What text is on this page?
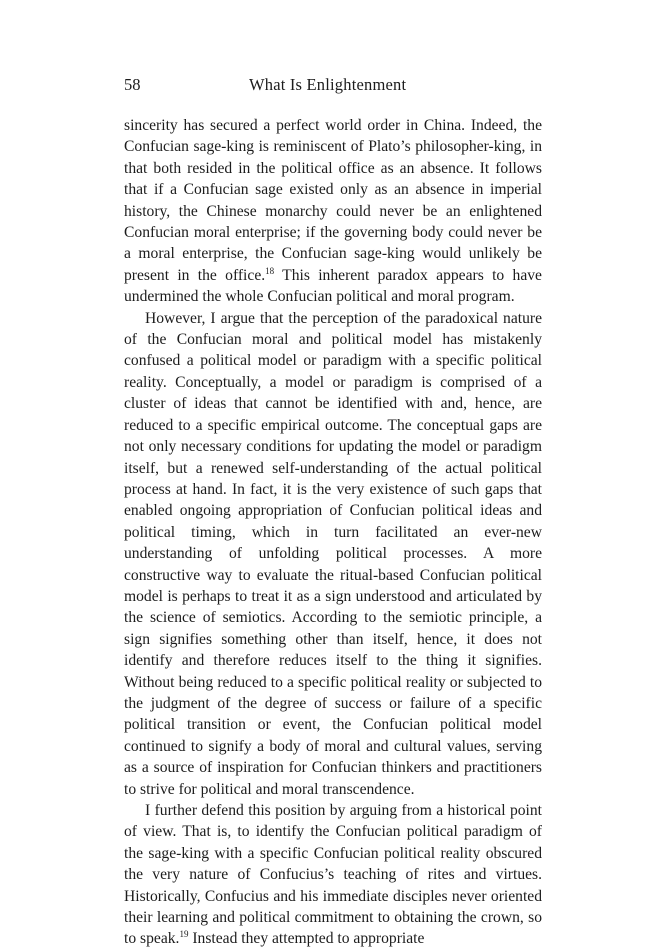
58	What Is Enlightenment

sincerity has secured a perfect world order in China. Indeed, the Confucian sage-king is reminiscent of Plato’s philosopher-king, in that both resided in the political office as an absence. It follows that if a Confucian sage existed only as an absence in imperial history, the Chinese monarchy could never be an enlightened Confucian moral enterprise; if the governing body could never be a moral enterprise, the Confucian sage-king would unlikely be present in the office.$^{18}$ This inherent paradox appears to have undermined the whole Confucian political and moral program.

However, I argue that the perception of the paradoxical nature of the Confucian moral and political model has mistakenly confused a political model or paradigm with a specific political reality. Conceptually, a model or paradigm is comprised of a cluster of ideas that cannot be identified with and, hence, are reduced to a specific empirical outcome. The conceptual gaps are not only necessary conditions for updating the model or paradigm itself, but a renewed self-understanding of the actual political process at hand. In fact, it is the very existence of such gaps that enabled ongoing appropriation of Confucian political ideas and political timing, which in turn facilitated an ever-new understanding of unfolding political processes. A more constructive way to evaluate the ritual-based Confucian political model is perhaps to treat it as a sign understood and articulated by the science of semiotics. According to the semiotic principle, a sign signifies something other than itself, hence, it does not identify and therefore reduces itself to the thing it signifies. Without being reduced to a specific political reality or subjected to the judgment of the degree of success or failure of a specific political transition or event, the Confucian political model continued to signify a body of moral and cultural values, serving as a source of inspiration for Confucian thinkers and practitioners to strive for political and moral transcendence.

I further defend this position by arguing from a historical point of view. That is, to identify the Confucian political paradigm of the sage-king with a specific Confucian political reality obscured the very nature of Confucius’s teaching of rites and virtues. Historically, Confucius and his immediate disciples never oriented their learning and political commitment to obtaining the crown, so to speak.$^{19}$ Instead they attempted to appropriate
